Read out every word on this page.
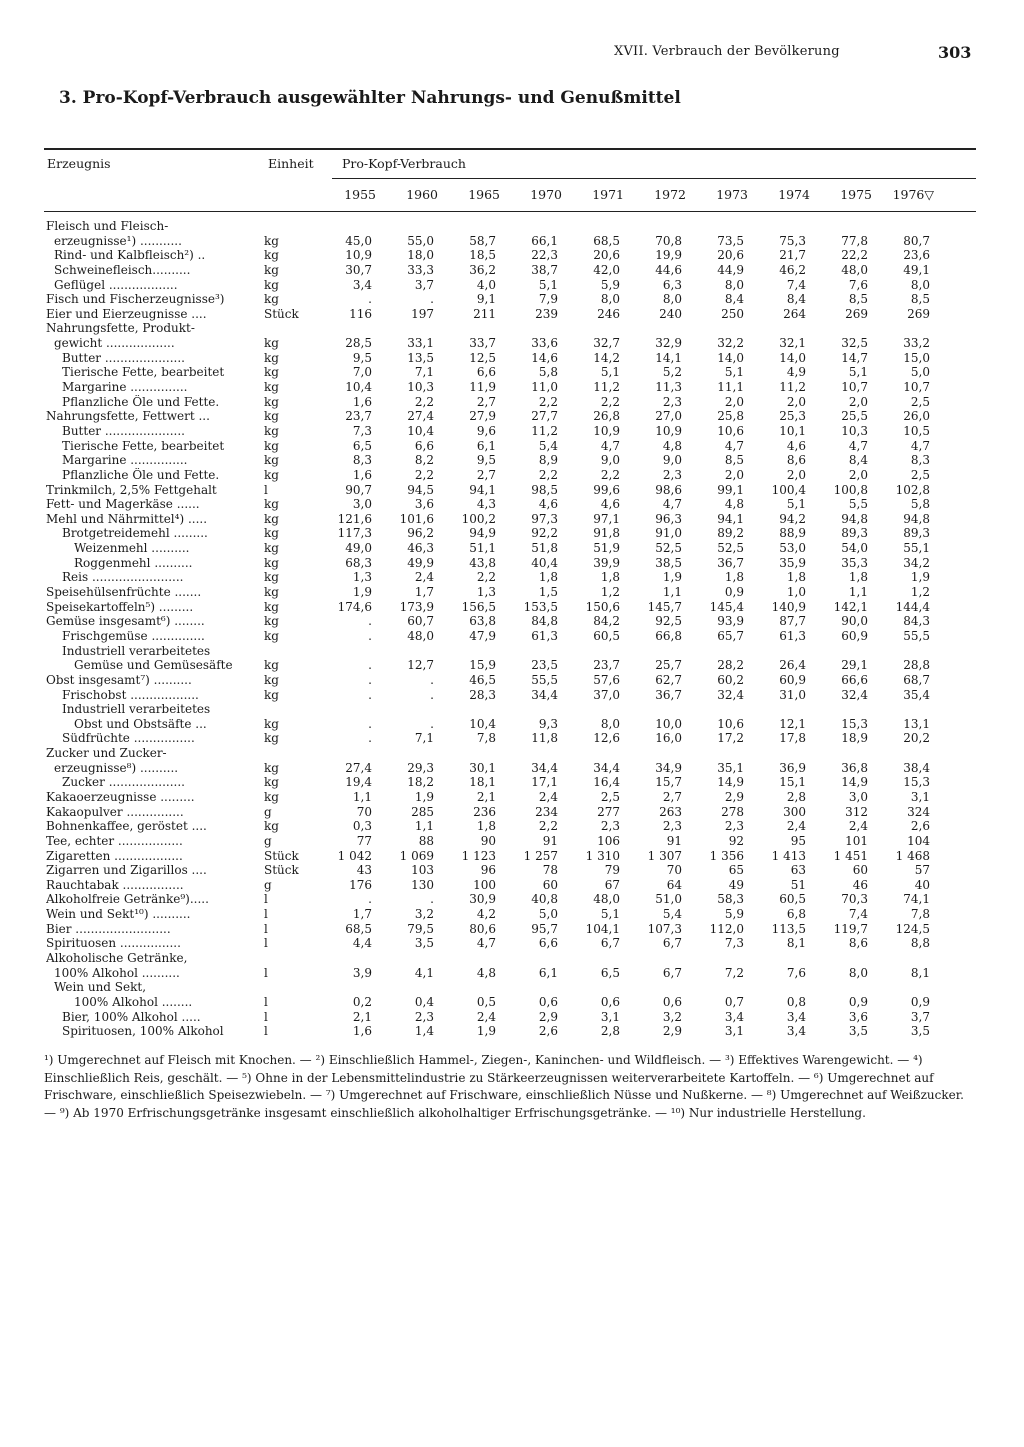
XVII. Verbrauch der Bevölkerung	303
3. Pro-Kopf-Verbrauch ausgewählter Nahrungs- und Genußmittel
Erzeugnis	Einheit Pro-Kopf-Verbrauch
1955	1960	1965	1970	1971	1972	1973	1974	1975	1976▽
Fleisch und Fleisch-
erzeugnisse¹) ...........	kg	45,0	55,0	58,7	66,1	68,5	70,8	73,5	75,3	77,8	80,7
Rind- und Kalbfleisch²) ..	kg	10,9	18,0	18,5	22,3	20,6	19,9	20,6	21,7	22,2	23,6
Schweinefleisch..........	kg	30,7	33,3	36,2	38,7	42,0	44,6	44,9	46,2	48,0	49,1
Geflügel ..................	kg	3,4	3,7	4,0	5,1	5,9	6,3	8,0	7,4	7,6	8,0
Fisch und Fischerzeugnisse³)	kg	.	.	9,1	7,9	8,0	8,0	8,4	8,4	8,5	8,5
Eier und Eierzeugnisse ....	Stück	116	197	211	239	246	240	250	264	269	269
Nahrungsfette, Produkt-
gewicht ..................	kg	28,5	33,1	33,7	33,6	32,7	32,9	32,2	32,1	32,5	33,2
Butter .....................	kg	9,5	13,5	12,5	14,6	14,2	14,1	14,0	14,0	14,7	15,0
Tierische Fette, bearbeitet	kg	7,0	7,1	6,6	5,8	5,1	5,2	5,1	4,9	5,1	5,0
Margarine ...............	kg	10,4	10,3	11,9	11,0	11,2	11,3	11,1	11,2	10,7	10,7
Pflanzliche Öle und Fette.	kg	1,6	2,2	2,7	2,2	2,2	2,3	2,0	2,0	2,0	2,5
Nahrungsfette, Fettwert ...	kg	23,7	27,4	27,9	27,7	26,8	27,0	25,8	25,3	25,5	26,0
Butter .....................	kg	7,3	10,4	9,6	11,2	10,9	10,9	10,6	10,1	10,3	10,5
Tierische Fette, bearbeitet	kg	6,5	6,6	6,1	5,4	4,7	4,8	4,7	4,6	4,7	4,7
Margarine ...............	kg	8,3	8,2	9,5	8,9	9,0	9,0	8,5	8,6	8,4	8,3
Pflanzliche Öle und Fette.	kg	1,6	2,2	2,7	2,2	2,2	2,3	2,0	2,0	2,0	2,5
Trinkmilch, 2,5% Fettgehalt	l	90,7	94,5	94,1	98,5	99,6	98,6	99,1	100,4	100,8	102,8
Fett- und Magerkäse ......	kg	3,0	3,6	4,3	4,6	4,6	4,7	4,8	5,1	5,5	5,8
Mehl und Nährmittel⁴) .....	kg	121,6	101,6	100,2	97,3	97,1	96,3	94,1	94,2	94,8	94,8
Brotgetreidemehl .........	kg	117,3	96,2	94,9	92,2	91,8	91,0	89,2	88,9	89,3	89,3
Weizenmehl ..........	kg	49,0	46,3	51,1	51,8	51,9	52,5	52,5	53,0	54,0	55,1
Roggenmehl ..........	kg	68,3	49,9	43,8	40,4	39,9	38,5	36,7	35,9	35,3	34,2
Reis ........................	kg	1,3	2,4	2,2	1,8	1,8	1,9	1,8	1,8	1,8	1,9
Speisehülsenfrüchte .......	kg	1,9	1,7	1,3	1,5	1,2	1,1	0,9	1,0	1,1	1,2
Speisekartoffeln⁵) .........	kg	174,6	173,9	156,5	153,5	150,6	145,7	145,4	140,9	142,1	144,4
Gemüse insgesamt⁶) ........	kg	.	60,7	63,8	84,8	84,2	92,5	93,9	87,7	90,0	84,3
Frischgemüse ..............	kg	.	48,0	47,9	61,3	60,5	66,8	65,7	61,3	60,9	55,5
Industriell verarbeitetes
Gemüse und Gemüsesäfte	kg	.	12,7	15,9	23,5	23,7	25,7	28,2	26,4	29,1	28,8
Obst insgesamt⁷) ..........	kg	.	.	46,5	55,5	57,6	62,7	60,2	60,9	66,6	68,7
Frischobst ..................	kg	.	.	28,3	34,4	37,0	36,7	32,4	31,0	32,4	35,4
Industriell verarbeitetes
Obst und Obstsäfte ...	kg	.	.	10,4	9,3	8,0	10,0	10,6	12,1	15,3	13,1
Südfrüchte ................	kg	.	7,1	7,8	11,8	12,6	16,0	17,2	17,8	18,9	20,2
Zucker und Zucker-
erzeugnisse⁸) ..........	kg	27,4	29,3	30,1	34,4	34,4	34,9	35,1	36,9	36,8	38,4
Zucker ....................	kg	19,4	18,2	18,1	17,1	16,4	15,7	14,9	15,1	14,9	15,3
Kakaoerzeugnisse .........	kg	1,1	1,9	2,1	2,4	2,5	2,7	2,9	2,8	3,0	3,1
Kakaopulver ...............	g	70	285	236	234	277	263	278	300	312	324
Bohnenkaffee, geröstet ....	kg	0,3	1,1	1,8	2,2	2,3	2,3	2,3	2,4	2,4	2,6
Tee, echter .................	g	77	88	90	91	106	91	92	95	101	104
Zigaretten ..................	Stück	1 042	1 069	1 123	1 257	1 310	1 307	1 356	1 413	1 451	1 468
Zigarren und Zigarillos ....	Stück	43	103	96	78	79	70	65	63	60	57
Rauchtabak ................	g	176	130	100	60	67	64	49	51	46	40
Alkoholfreie Getränke⁹).....	l	.	.	30,9	40,8	48,0	51,0	58,3	60,5	70,3	74,1
Wein und Sekt¹⁰) ..........	l	1,7	3,2	4,2	5,0	5,1	5,4	5,9	6,8	7,4	7,8
Bier .........................	l	68,5	79,5	80,6	95,7	104,1	107,3	112,0	113,5	119,7	124,5
Spirituosen ................	l	4,4	3,5	4,7	6,6	6,7	6,7	7,3	8,1	8,6	8,8
Alkoholische Getränke,
100% Alkohol ..........	l	3,9	4,1	4,8	6,1	6,5	6,7	7,2	7,6	8,0	8,1
Wein und Sekt,
100% Alkohol ........	l	0,2	0,4	0,5	0,6	0,6	0,6	0,7	0,8	0,9	0,9
Bier, 100% Alkohol .....	l	2,1	2,3	2,4	2,9	3,1	3,2	3,4	3,4	3,6	3,7
Spirituosen, 100% Alkohol	l	1,6	1,4	1,9	2,6	2,8	2,9	3,1	3,4	3,5	3,5
¹) Umgerechnet auf Fleisch mit Knochen. — ²) Einschließlich Hammel-, Ziegen-, Kaninchen- und Wildfleisch. — ³) Effektives Warengewicht. — ⁴) Einschließlich Reis, geschält. — ⁵) Ohne in der Lebensmittelindustrie zu Stärkeerzeugnissen weiterverarbeitete Kartoffeln. — ⁶) Umgerechnet auf Frischware, einschließlich Speisezwiebeln. — ⁷) Umgerechnet auf Frischware, einschließlich Nüsse und Nußkerne. — ⁸) Umgerechnet auf Weißzucker. — ⁹) Ab 1970 Erfrischungsgetränke insgesamt einschließlich alkoholhaltiger Erfrischungsgetränke. — ¹⁰) Nur industrielle Herstellung.
